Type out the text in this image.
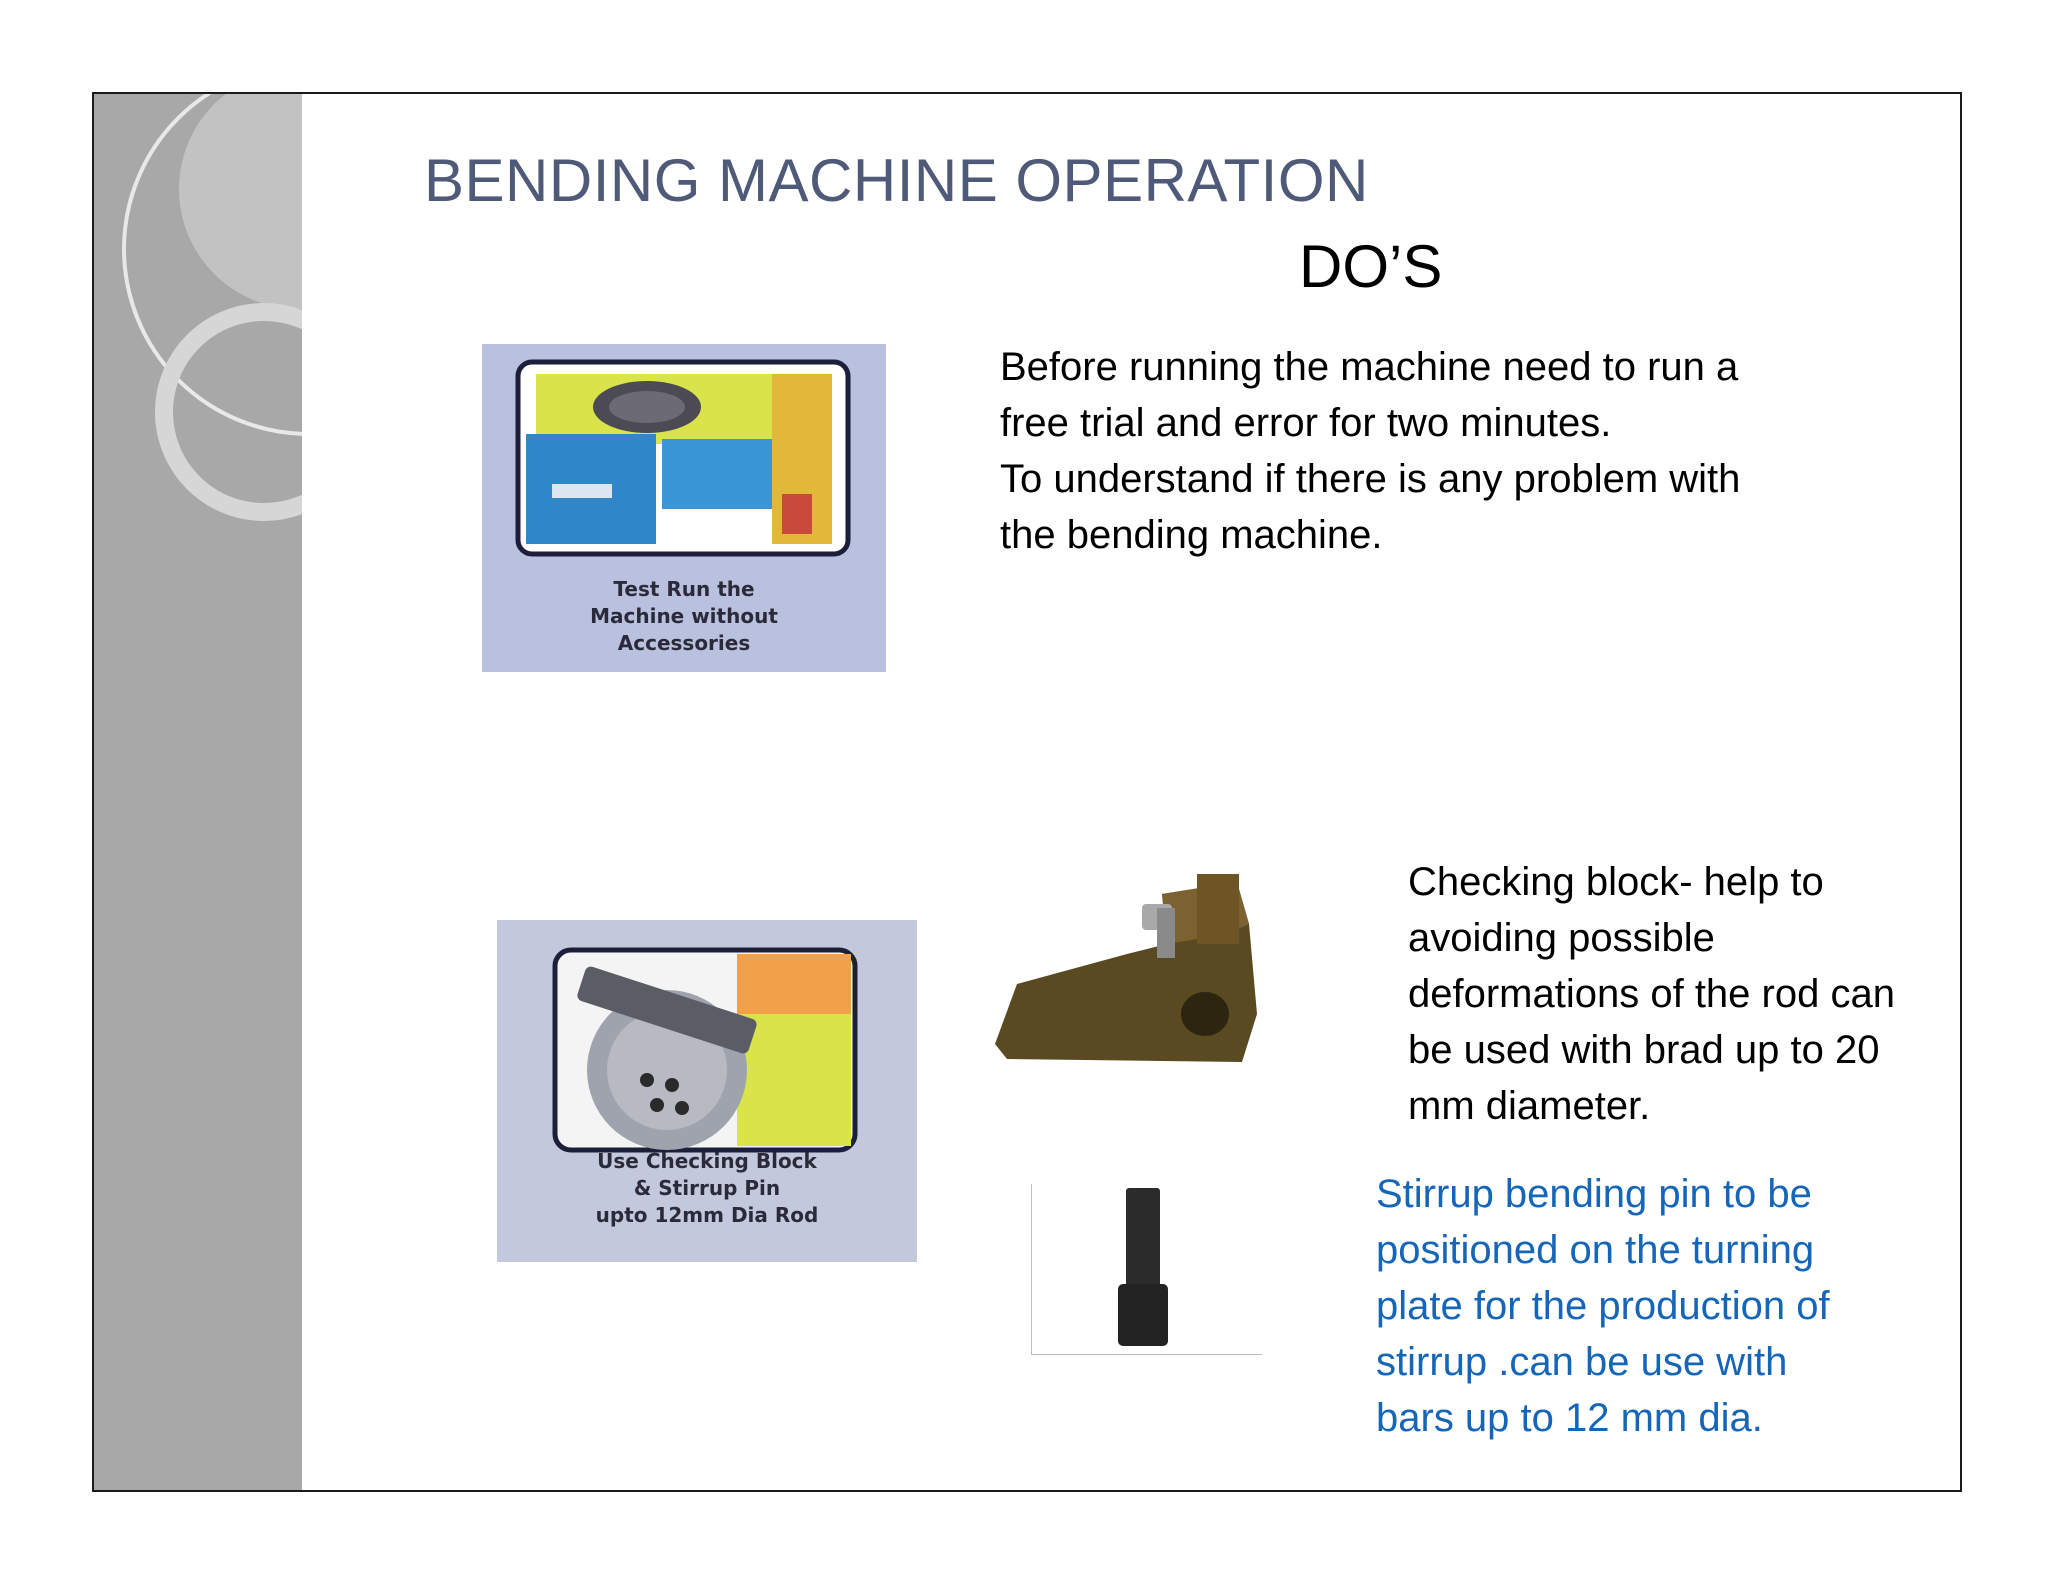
BENDING MACHINE OPERATION
DO’S
Test Run the
Machine without
Accessories

Before running the machine need to run a
free trial and error for two minutes.
To understand if there is any problem with
the bending machine.

Use Checking Block
& Stirrup Pin
upto 12mm Dia Rod

Checking block- help to
avoiding possible
deformations of the rod can
be used with brad up to 20
mm diameter.

Stirrup bending pin to be
positioned on the turning
plate for the production of
stirrup .can be use with
bars up to 12 mm dia.
